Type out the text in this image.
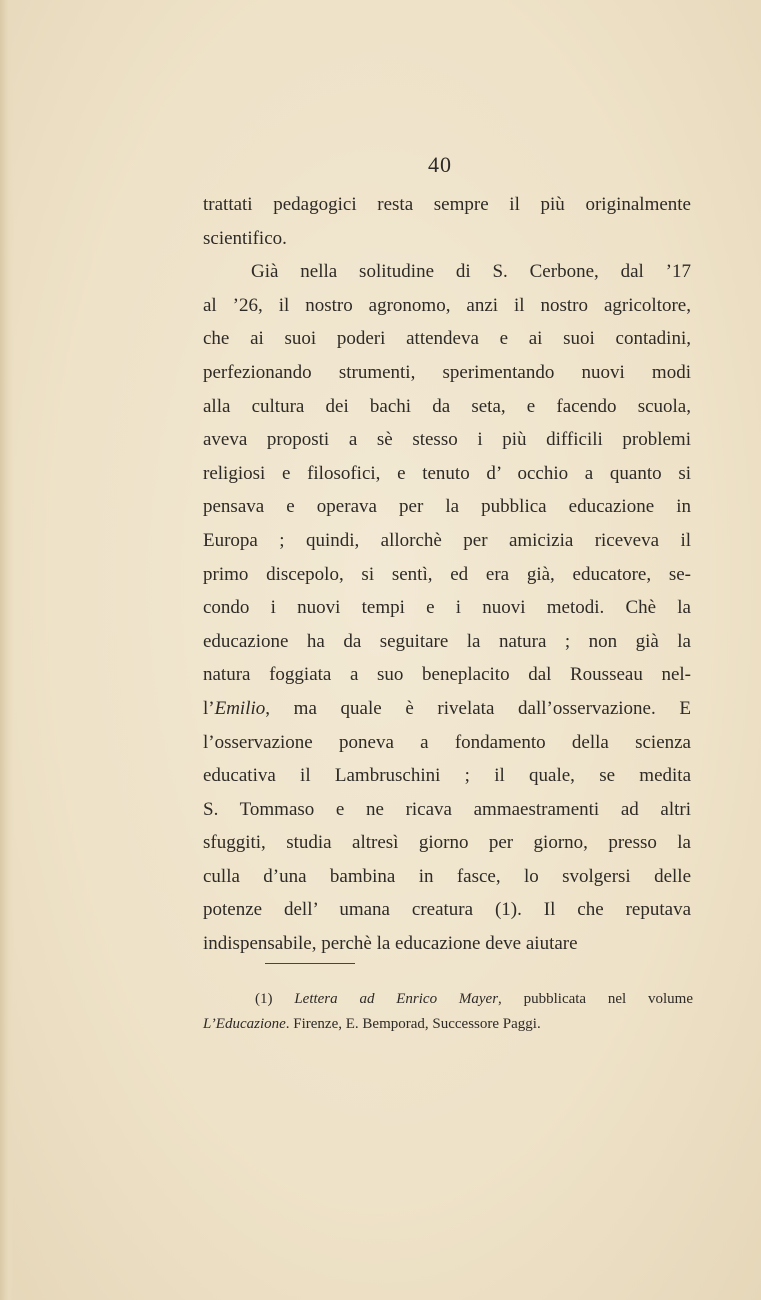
40
trattati pedagogici resta sempre il più originalmente
scientifico.
Già nella solitudine di S. Cerbone, dal ’17
al ’26, il nostro agronomo, anzi il nostro agricoltore,
che ai suoi poderi attendeva e ai suoi contadini,
perfezionando strumenti, sperimentando nuovi modi
alla cultura dei bachi da seta, e facendo scuola,
aveva proposti a sè stesso i più difficili problemi
religiosi e filosofici, e tenuto d’ occhio a quanto si
pensava e operava per la pubblica educazione in
Europa ; quindi, allorchè per amicizia riceveva il
primo discepolo, si sentì, ed era già, educatore, se-
condo i nuovi tempi e i nuovi metodi. Chè la
educazione ha da seguitare la natura ; non già la
natura foggiata a suo beneplacito dal Rousseau nel-
l’Emilio, ma quale è rivelata dall’osservazione. E
l’osservazione poneva a fondamento della scienza
educativa il Lambruschini ; il quale, se medita
S. Tommaso e ne ricava ammaestramenti ad altri
sfuggiti, studia altresì giorno per giorno, presso la
culla d’una bambina in fasce, lo svolgersi delle
potenze dell’ umana creatura (1). Il che reputava
indispensabile, perchè la educazione deve aiutare
(1) Lettera ad Enrico Mayer, pubblicata nel volume
L’Educazione. Firenze, E. Bemporad, Successore Paggi.
